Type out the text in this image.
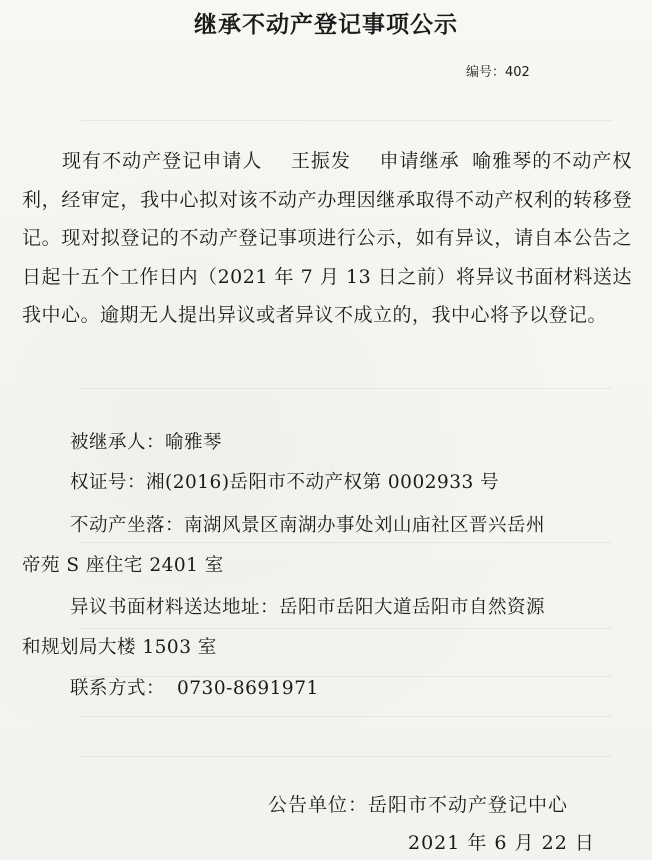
继承不动产登记事项公示
编号：402
现有不动产登记申请人 王振发 申请继承 喻雅琴的不动产权利，经审定，我中心拟对该不动产办理因继承取得不动产权利的转移登记。现对拟登记的不动产登记事项进行公示，如有异议，请自本公告之日起十五个工作日内（2021 年 7 月 13 日之前）将异议书面材料送达我中心。逾期无人提出异议或者异议不成立的，我中心将予以登记。
被继承人：喻雅琴
权证号：湘(2016)岳阳市不动产权第 0002933 号
不动产坐落：南湖风景区南湖办事处刘山庙社区晋兴岳州
帝苑 S 座住宅 2401 室
异议书面材料送达地址：岳阳市岳阳大道岳阳市自然资源
和规划局大楼 1503 室
联系方式： 0730-8691971
公告单位：岳阳市不动产登记中心
2021 年 6 月 22 日
